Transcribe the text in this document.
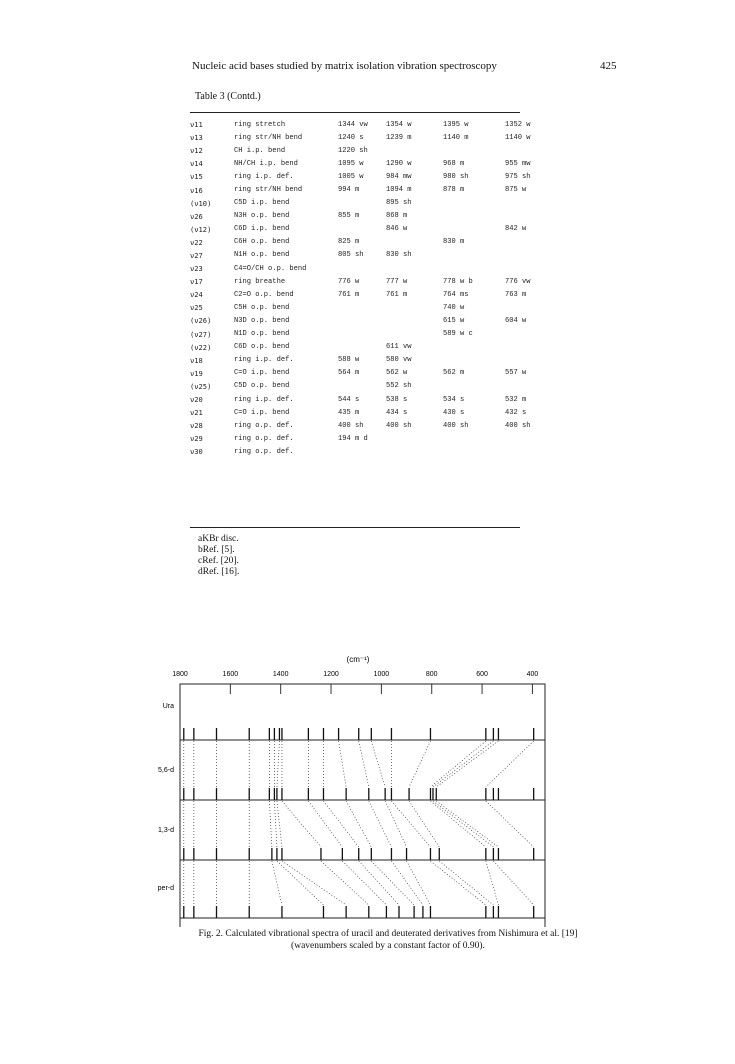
Nucleic acid bases studied by matrix isolation vibration spectroscopy	425
Table 3 (Contd.)
ν11	ring stretch	1344 vw	1354 w	1395 w	1352 w
ν13	ring str/NH bend	1240 s	1239 m	1140 m	1140 w
ν12	CH i.p. bend	1220 sh			
ν14	NH/CH i.p. bend	1095 w	1290 w	968 m	955 mw
ν15	ring i.p. def.	1005 w	984 mw	980 sh	975 sh
ν16	ring str/NH bend	994 m	1094 m	878 m	875 w
(ν10)	C5D i.p. bend		895 sh		
ν26	N3H o.p. bend	855 m	868 m		
(ν12)	C6D i.p. bend		846 w		842 w
ν22	C6H o.p. bend	825 m		830 m	
ν27	N1H o.p. bend	805 sh	830 sh		
ν23	C4=O/CH o.p. bend				
ν17	ring breathe	776 w	777 w	778 w b	776 vw
ν24	C2=O o.p. bend	761 m	761 m	764 ms	763 m
ν25	C5H o.p. bend			740 w	
(ν26)	N3D o.p. bend			615 w	604 w
(ν27)	N1D o.p. bend			589 w c	
(ν22)	C6D o.p. bend		611 vw		
ν18	ring i.p. def.	588 w	580 vw		
ν19	C=O i.p. bend	564 m	562 w	562 m	557 w
(ν25)	C5D o.p. bend		552 sh		
ν20	ring i.p. def.	544 s	538 s	534 s	532 m
ν21	C=O i.p. bend	435 m	434 s	430 s	432 s
ν28	ring o.p. def.	400 sh	400 sh	400 sh	400 sh
ν29	ring o.p. def.	194 m d			
ν30	ring o.p. def.				
aKBr disc.
bRef. [5].
cRef. [20].
dRef. [16].
(cm⁻¹)
1800	1600	1400	1200	1000	800	600	400
Ura
5,6-d
1,3-d
per-d
Fig. 2. Calculated vibrational spectra of uracil and deuterated derivatives from Nishimura et al. [19]
(wavenumbers scaled by a constant factor of 0.90).
